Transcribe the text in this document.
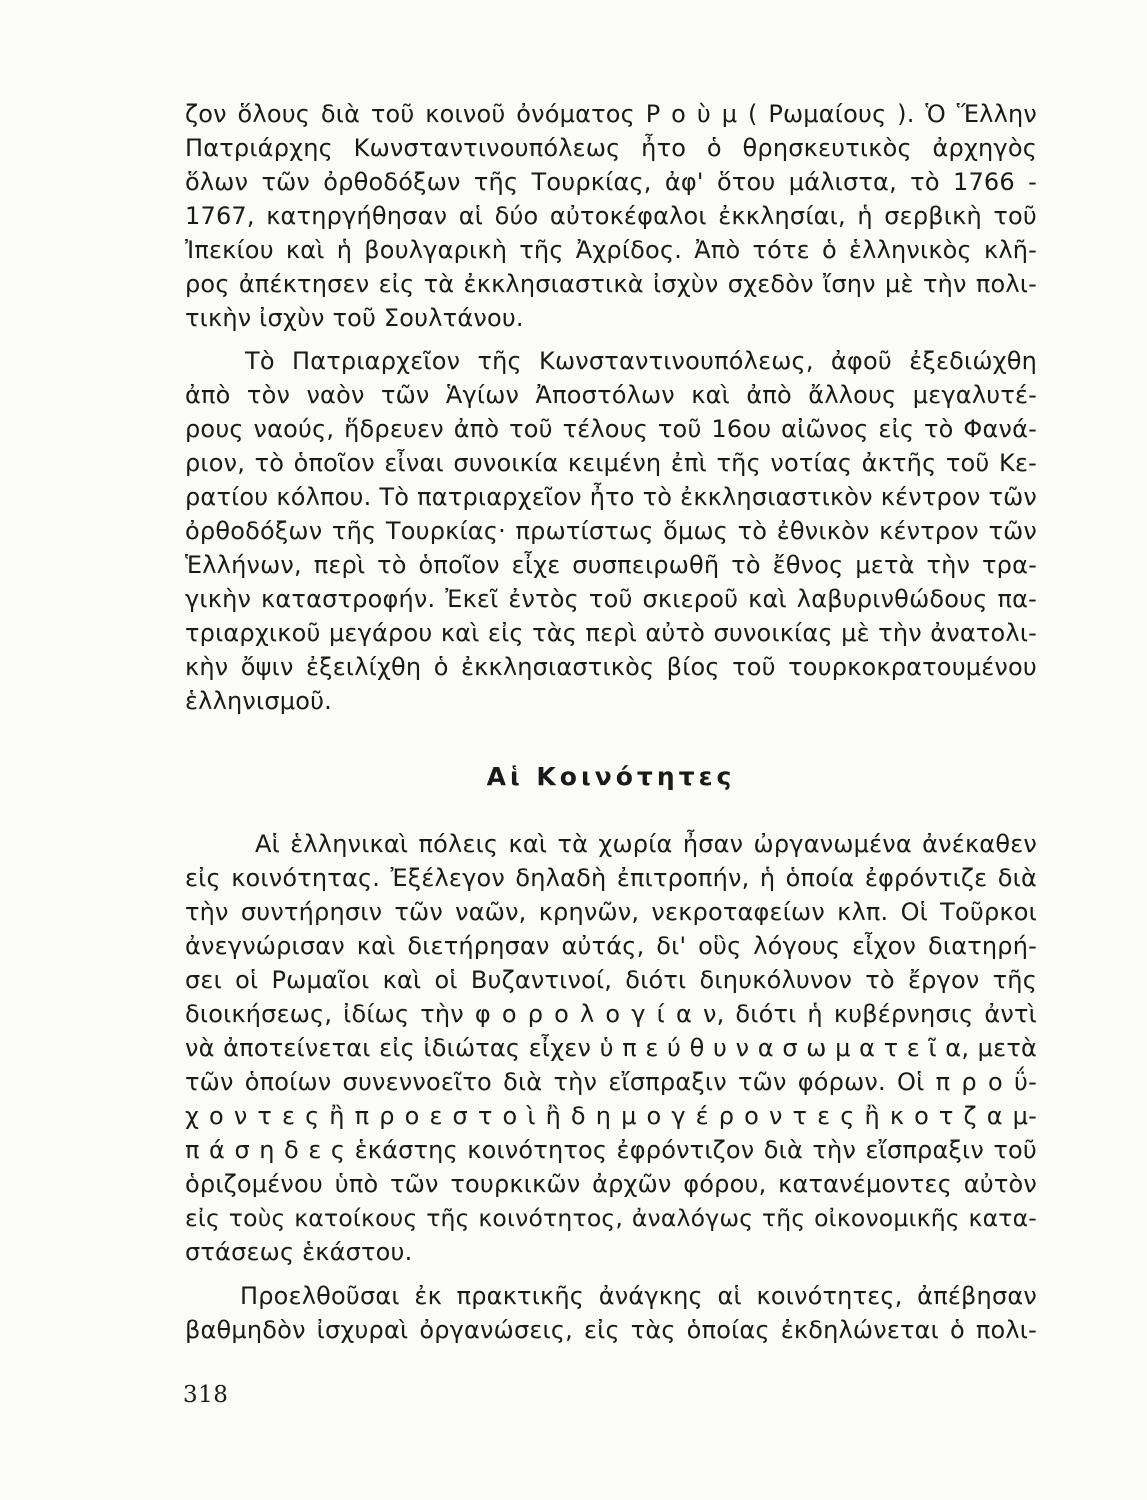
ζον ὅλους διὰ τοῦ κοινοῦ ὀνόματος Ρ ο ὺ μ ( Ρωμαίους ). Ὁ Ἕλλην
Πατριάρχης Κωνσταντινουπόλεως ἦτο ὁ θρησκευτικὸς ἀρχηγὸς
ὅλων τῶν ὀρθοδόξων τῆς Τουρκίας, ἀφ' ὅτου μάλιστα, τὸ 1766 -
1767, κατηργήθησαν αἱ δύο αὐτοκέφαλοι ἐκκλησίαι, ἡ σερβικὴ τοῦ
Ἰπεκίου καὶ ἡ βουλγαρικὴ τῆς Ἀχρίδος. Ἀπὸ τότε ὁ ἑλληνικὸς κλῆ-
ρος ἀπέκτησεν εἰς τὰ ἐκκλησιαστικὰ ἰσχὺν σχεδὸν ἴσην μὲ τὴν πολι-
τικὴν ἰσχὺν τοῦ Σουλτάνου.
Τὸ Πατριαρχεῖον τῆς Κωνσταντινουπόλεως, ἀφοῦ ἐξεδιώχθη
ἀπὸ τὸν ναὸν τῶν Ἁγίων Ἀποστόλων καὶ ἀπὸ ἄλλους μεγαλυτέ-
ρους ναούς, ἥδρευεν ἀπὸ τοῦ τέλους τοῦ 16ου αἰῶνος εἰς τὸ Φανά-
ριον, τὸ ὁποῖον εἶναι συνοικία κειμένη ἐπὶ τῆς νοτίας ἀκτῆς τοῦ Κε-
ρατίου κόλπου. Τὸ πατριαρχεῖον ἦτο τὸ ἐκκλησιαστικὸν κέντρον τῶν
ὀρθοδόξων τῆς Τουρκίας· πρωτίστως ὅμως τὸ ἐθνικὸν κέντρον τῶν
Ἑλλήνων, περὶ τὸ ὁποῖον εἶχε συσπειρωθῆ τὸ ἔθνος μετὰ τὴν τρα-
γικὴν καταστροφήν. Ἐκεῖ ἐντὸς τοῦ σκιεροῦ καὶ λαβυρινθώδους πα-
τριαρχικοῦ μεγάρου καὶ εἰς τὰς περὶ αὐτὸ συνοικίας μὲ τὴν ἀνατολι-
κὴν ὄψιν ἐξειλίχθη ὁ ἐκκλησιαστικὸς βίος τοῦ τουρκοκρατουμένου
ἑλληνισμοῦ.
Αἱ Κοινότητες
Αἱ ἑλληνικαὶ πόλεις καὶ τὰ χωρία ἦσαν ὠργανωμένα ἀνέκαθεν
εἰς κοινότητας. Ἐξέλεγον δηλαδὴ ἐπιτροπήν, ἡ ὁποία ἐφρόντιζε διὰ
τὴν συντήρησιν τῶν ναῶν, κρηνῶν, νεκροταφείων κλπ. Οἱ Τοῦρκοι
ἀνεγνώρισαν καὶ διετήρησαν αὐτάς, δι' οὓς λόγους εἶχον διατηρή-
σει οἱ Ρωμαῖοι καὶ οἱ Βυζαντινοί, διότι διηυκόλυνον τὸ ἔργον τῆς
διοικήσεως, ἰδίως τὴν φ ο ρ ο λ ο γ ί α ν, διότι ἡ κυβέρνησις ἀντὶ
νὰ ἀποτείνεται εἰς ἰδιώτας εἶχεν ὑ π ε ύ θ υ ν α σ ω μ α τ ε ῖ α, μετὰ
τῶν ὁποίων συνεννοεῖτο διὰ τὴν εἴσπραξιν τῶν φόρων. Οἱ π ρ ο ΰ-
χ ο ν τ ε ς ἢ π ρ ο ε σ τ ο ὶ ἢ δ η μ ο γ έ ρ ο ν τ ε ς ἢ κ ο τ ζ α μ-
π ά σ η δ ε ς ἑκάστης κοινότητος ἐφρόντιζον διὰ τὴν εἴσπραξιν τοῦ
ὁριζομένου ὑπὸ τῶν τουρκικῶν ἀρχῶν φόρου, κατανέμοντες αὐτὸν
εἰς τοὺς κατοίκους τῆς κοινότητος, ἀναλόγως τῆς οἰκονομικῆς κατα-
στάσεως ἑκάστου.
Προελθοῦσαι ἐκ πρακτικῆς ἀνάγκης αἱ κοινότητες, ἀπέβησαν
βαθμηδὸν ἰσχυραὶ ὀργανώσεις, εἰς τὰς ὁποίας ἐκδηλώνεται ὁ πολι-
318
